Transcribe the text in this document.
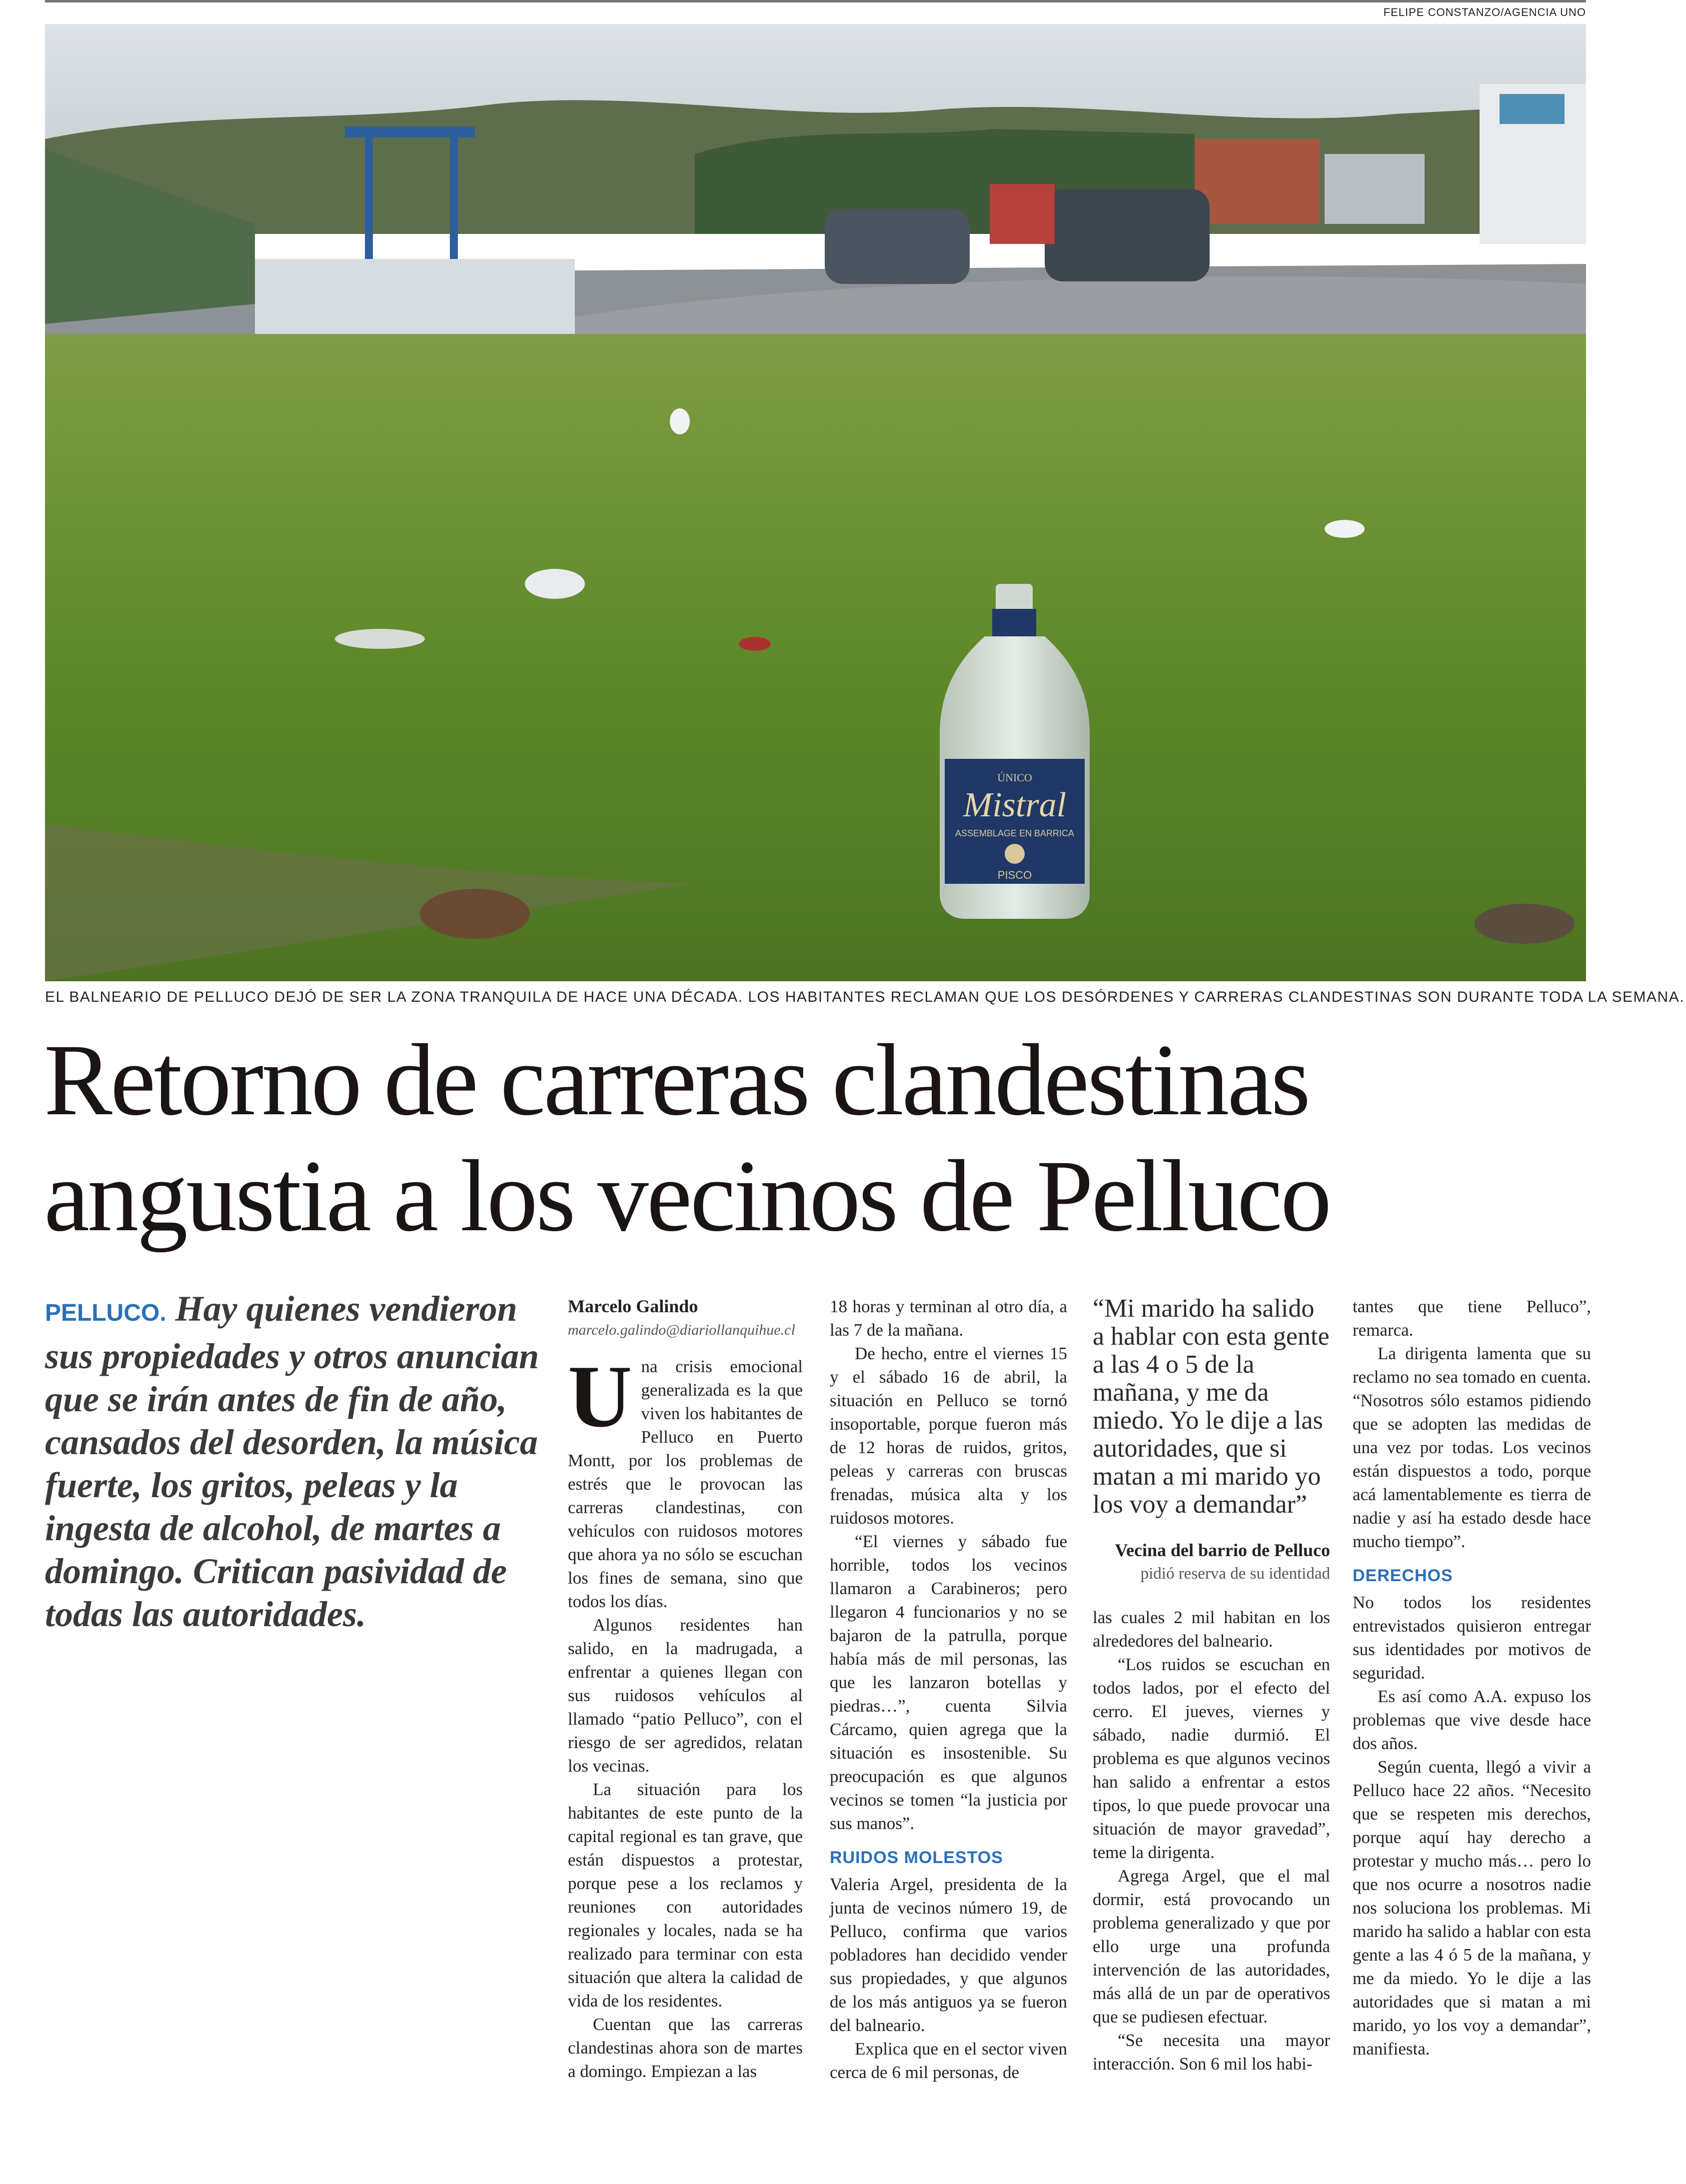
FELIPE CONSTANZO/AGENCIA UNO
ÚNICO
Mistral
ASSEMBLAGE EN BARRICA
PISCO
EL BALNEARIO DE PELLUCO DEJÓ DE SER LA ZONA TRANQUILA DE HACE UNA DÉCADA. LOS HABITANTES RECLAMAN QUE LOS DESÓRDENES Y CARRERAS CLANDESTINAS SON DURANTE TODA LA SEMANA.
Retorno de carreras clandestinas
angustia a los vecinos de Pelluco
PELLUCO. Hay quienes vendieron sus propiedades y otros anuncian que se irán antes de fin de año, cansados del desorden, la música fuerte, los gritos, peleas y la ingesta de alcohol, de martes a domingo. Critican pasividad de todas las autoridades.
Marcelo Galindo
marcelo.galindo@diariollanquihue.cl

Una crisis emocional generalizada es la que viven los habitantes de Pelluco en Puerto Montt, por los problemas de estrés que le provocan las carreras clandestinas, con vehículos con ruidosos motores que ahora ya no sólo se escuchan los fines de semana, sino que todos los días.

Algunos residentes han salido, en la madrugada, a enfrentar a quienes llegan con sus ruidosos vehículos al llamado “patio Pelluco”, con el riesgo de ser agredidos, relatan los vecinas.

La situación para los habitantes de este punto de la capital regional es tan grave, que están dispuestos a protestar, porque pese a los reclamos y reuniones con autoridades regionales y locales, nada se ha realizado para terminar con esta situación que altera la calidad de vida de los residentes.

Cuentan que las carreras clandestinas ahora son de martes a domingo. Empiezan a las

18 horas y terminan al otro día, a las 7 de la mañana.

De hecho, entre el viernes 15 y el sábado 16 de abril, la situación en Pelluco se tornó insoportable, porque fueron más de 12 horas de ruidos, gritos, peleas y carreras con bruscas frenadas, música alta y los ruidosos motores.

“El viernes y sábado fue horrible, todos los vecinos llamaron a Carabineros; pero llegaron 4 funcionarios y no se bajaron de la patrulla, porque había más de mil personas, las que les lanzaron botellas y piedras…”, cuenta Silvia Cárcamo, quien agrega que la situación es insostenible. Su preocupación es que algunos vecinos se tomen “la justicia por sus manos”.

RUIDOS MOLESTOS

Valeria Argel, presidenta de la junta de vecinos número 19, de Pelluco, confirma que varios pobladores han decidido vender sus propiedades, y que algunos de los más antiguos ya se fueron del balneario.

Explica que en el sector viven cerca de 6 mil personas, de

“Mi marido ha salido a hablar con esta gente a las 4 o 5 de la mañana, y me da miedo. Yo le dije a las autoridades, que si matan a mi marido yo los voy a demandar”
Vecina del barrio de Pelluco
pidió reserva de su identidad

las cuales 2 mil habitan en los alrededores del balneario.

“Los ruidos se escuchan en todos lados, por el efecto del cerro. El jueves, viernes y sábado, nadie durmió. El problema es que algunos vecinos han salido a enfrentar a estos tipos, lo que puede provocar una situación de mayor gravedad”, teme la dirigenta.

Agrega Argel, que el mal dormir, está provocando un problema generalizado y que por ello urge una profunda intervención de las autoridades, más allá de un par de operativos que se pudiesen efectuar.

“Se necesita una mayor interacción. Son 6 mil los habi-

tantes que tiene Pelluco”, remarca.

La dirigenta lamenta que su reclamo no sea tomado en cuenta. “Nosotros sólo estamos pidiendo que se adopten las medidas de una vez por todas. Los vecinos están dispuestos a todo, porque acá lamentablemente es tierra de nadie y así ha estado desde hace mucho tiempo”.

DERECHOS

No todos los residentes entrevistados quisieron entregar sus identidades por motivos de seguridad.

Es así como A.A. expuso los problemas que vive desde hace dos años.

Según cuenta, llegó a vivir a Pelluco hace 22 años. “Necesito que se respeten mis derechos, porque aquí hay derecho a protestar y mucho más… pero lo que nos ocurre a nosotros nadie nos soluciona los problemas. Mi marido ha salido a hablar con esta gente a las 4 ó 5 de la mañana, y me da miedo. Yo le dije a las autoridades que si matan a mi marido, yo los voy a demandar”, manifiesta.
